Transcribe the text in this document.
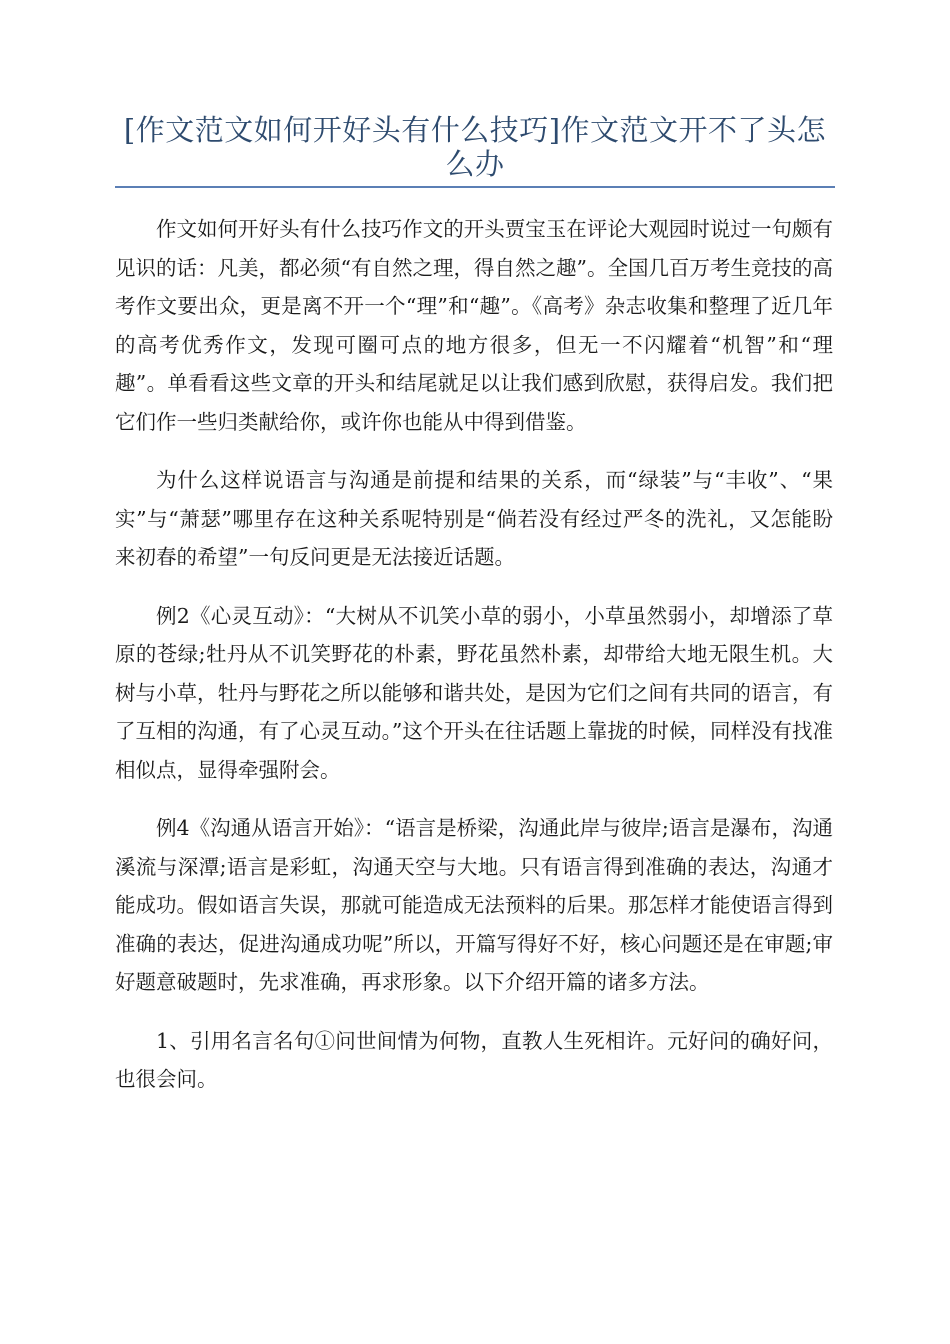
[作文范文如何开好头有什么技巧]作文范文开不了头怎么办

作文如何开好头有什么技巧作文的开头贾宝玉在评论大观园时说过一句颇有见识的话：凡美，都必须“有自然之理，得自然之趣”。全国几百万考生竞技的高考作文要出众，更是离不开一个“理”和“趣”。《高考》杂志收集和整理了近几年的高考优秀作文，发现可圈可点的地方很多，但无一不闪耀着“机智”和“理趣”。单看看这些文章的开头和结尾就足以让我们感到欣慰，获得启发。我们把它们作一些归类献给你，或许你也能从中得到借鉴。

为什么这样说语言与沟通是前提和结果的关系，而“绿装”与“丰收”、“果实”与“萧瑟”哪里存在这种关系呢特别是“倘若没有经过严冬的洗礼，又怎能盼来初春的希望”一句反问更是无法接近话题。

例2《心灵互动》：“大树从不讥笑小草的弱小，小草虽然弱小，却增添了草原的苍绿;牡丹从不讥笑野花的朴素，野花虽然朴素，却带给大地无限生机。大树与小草，牡丹与野花之所以能够和谐共处，是因为它们之间有共同的语言，有了互相的沟通，有了心灵互动。”这个开头在往话题上靠拢的时候，同样没有找准相似点，显得牵强附会。

例4《沟通从语言开始》：“语言是桥梁，沟通此岸与彼岸;语言是瀑布，沟通溪流与深潭;语言是彩虹，沟通天空与大地。只有语言得到准确的表达，沟通才能成功。假如语言失误，那就可能造成无法预料的后果。那怎样才能使语言得到准确的表达，促进沟通成功呢”所以，开篇写得好不好，核心问题还是在审题;审好题意破题时，先求准确，再求形象。以下介绍开篇的诸多方法。

1、引用名言名句①问世间情为何物，直教人生死相许。元好问的确好问，也很会问。
